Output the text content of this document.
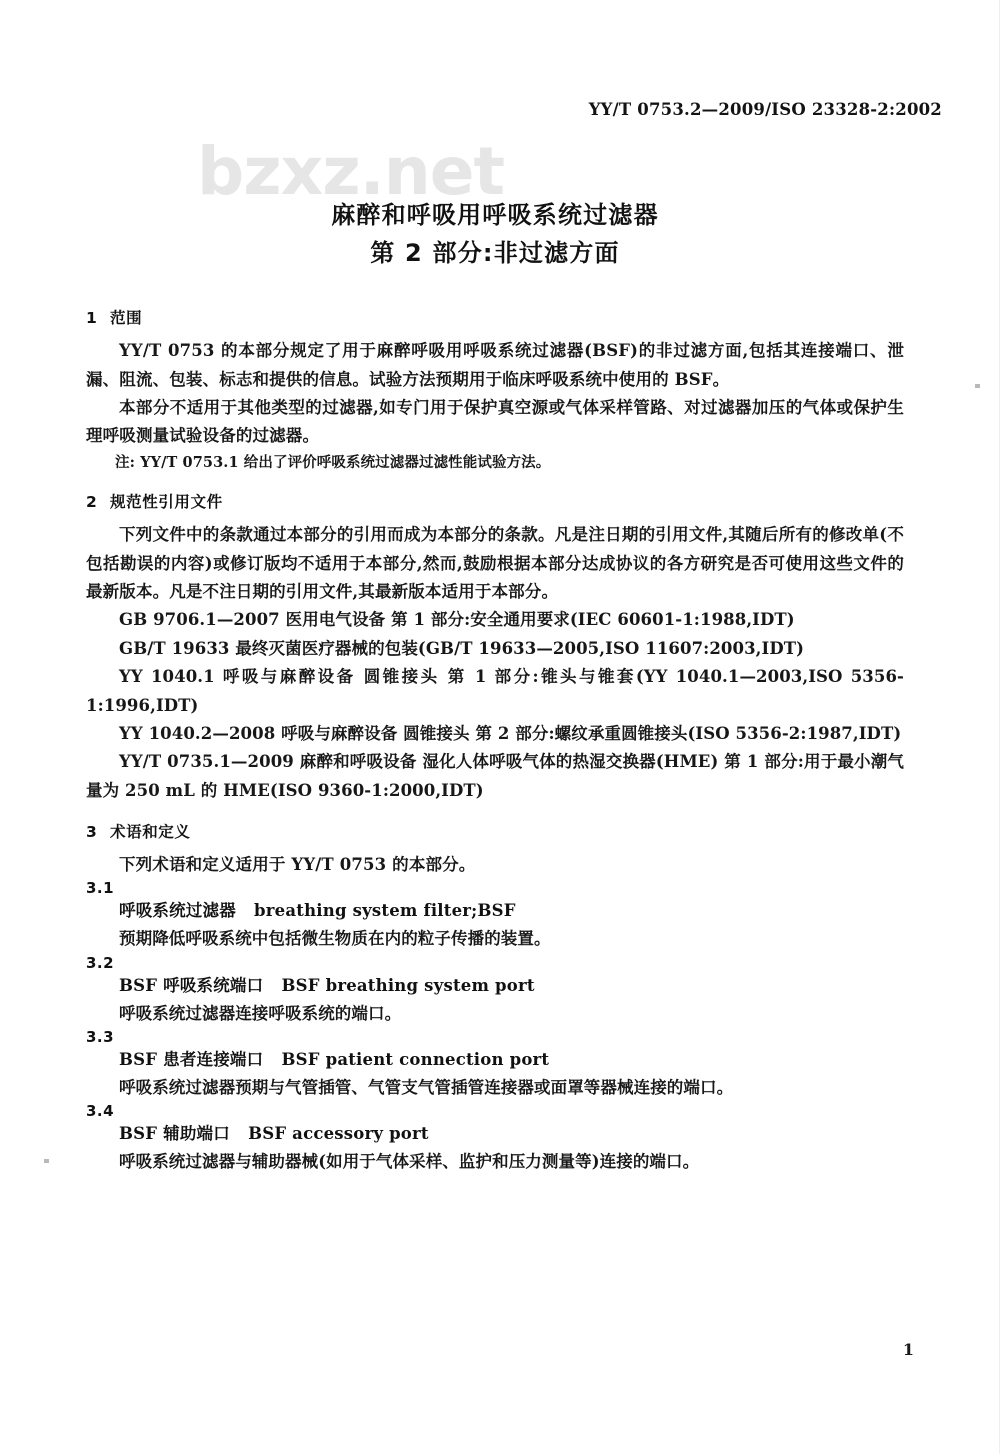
bzxz.net
YY/T 0753.2—2009/ISO 23328-2:2002
麻醉和呼吸用呼吸系统过滤器
第 2 部分:非过滤方面
1 范围

YY/T 0753 的本部分规定了用于麻醉呼吸用呼吸系统过滤器(BSF)的非过滤方面,包括其连接端口、泄漏、阻流、包装、标志和提供的信息。试验方法预期用于临床呼吸系统中使用的 BSF。

本部分不适用于其他类型的过滤器,如专门用于保护真空源或气体采样管路、对过滤器加压的气体或保护生理呼吸测量试验设备的过滤器。

注: YY/T 0753.1 给出了评价呼吸系统过滤器过滤性能试验方法。

2 规范性引用文件

下列文件中的条款通过本部分的引用而成为本部分的条款。凡是注日期的引用文件,其随后所有的修改单(不包括勘误的内容)或修订版均不适用于本部分,然而,鼓励根据本部分达成协议的各方研究是否可使用这些文件的最新版本。凡是不注日期的引用文件,其最新版本适用于本部分。

GB 9706.1—2007 医用电气设备 第 1 部分:安全通用要求(IEC 60601-1:1988,IDT)

GB/T 19633 最终灭菌医疗器械的包装(GB/T 19633—2005,ISO 11607:2003,IDT)

YY 1040.1 呼吸与麻醉设备 圆锥接头 第 1 部分:锥头与锥套(YY 1040.1—2003,ISO 5356-1:1996,IDT)

YY 1040.2—2008 呼吸与麻醉设备 圆锥接头 第 2 部分:螺纹承重圆锥接头(ISO 5356-2:1987,IDT)

YY/T 0735.1—2009 麻醉和呼吸设备 湿化人体呼吸气体的热湿交换器(HME) 第 1 部分:用于最小潮气量为 250 mL 的 HME(ISO 9360-1:2000,IDT)

3 术语和定义

下列术语和定义适用于 YY/T 0753 的本部分。

3.1
呼吸系统过滤器 breathing system filter;BSF
预期降低呼吸系统中包括微生物质在内的粒子传播的装置。
3.2
BSF 呼吸系统端口 BSF breathing system port
呼吸系统过滤器连接呼吸系统的端口。
3.3
BSF 患者连接端口 BSF patient connection port
呼吸系统过滤器预期与气管插管、气管支气管插管连接器或面罩等器械连接的端口。
3.4
BSF 辅助端口 BSF accessory port
呼吸系统过滤器与辅助器械(如用于气体采样、监护和压力测量等)连接的端口。
1
